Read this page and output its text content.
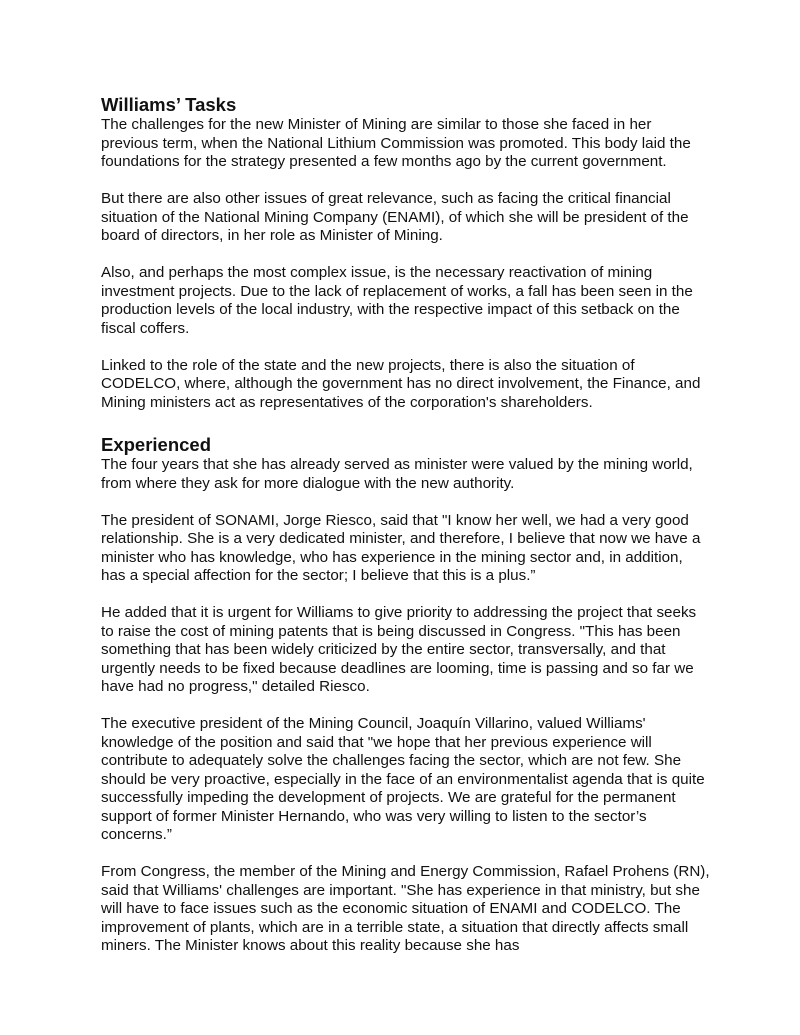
Williams’ Tasks

The challenges for the new Minister of Mining are similar to those she faced in her previous term, when the National Lithium Commission was promoted. This body laid the foundations for the strategy presented a few months ago by the current government.

But there are also other issues of great relevance, such as facing the critical financial situation of the National Mining Company (ENAMI), of which she will be president of the board of directors, in her role as Minister of Mining.

Also, and perhaps the most complex issue, is the necessary reactivation of mining investment projects. Due to the lack of replacement of works, a fall has been seen in the production levels of the local industry, with the respective impact of this setback on the fiscal coffers.

Linked to the role of the state and the new projects, there is also the situation of CODELCO, where, although the government has no direct involvement, the Finance, and Mining ministers act as representatives of the corporation's shareholders.

Experienced

The four years that she has already served as minister were valued by the mining world, from where they ask for more dialogue with the new authority.

The president of SONAMI, Jorge Riesco, said that "I know her well, we had a very good relationship. She is a very dedicated minister, and therefore, I believe that now we have a minister who has knowledge, who has experience in the mining sector and, in addition, has a special affection for the sector; I believe that this is a plus.”

He added that it is urgent for Williams to give priority to addressing the project that seeks to raise the cost of mining patents that is being discussed in Congress. "This has been something that has been widely criticized by the entire sector, transversally, and that urgently needs to be fixed because deadlines are looming, time is passing and so far we have had no progress," detailed Riesco.

The executive president of the Mining Council, Joaquín Villarino, valued Williams' knowledge of the position and said that "we hope that her previous experience will contribute to adequately solve the challenges facing the sector, which are not few. She should be very proactive, especially in the face of an environmentalist agenda that is quite successfully impeding the development of projects. We are grateful for the permanent support of former Minister Hernando, who was very willing to listen to the sector’s concerns.”

From Congress, the member of the Mining and Energy Commission, Rafael Prohens (RN), said that Williams' challenges are important. "She has experience in that ministry, but she will have to face issues such as the economic situation of ENAMI and CODELCO. The improvement of plants, which are in a terrible state, a situation that directly affects small miners. The Minister knows about this reality because she has
